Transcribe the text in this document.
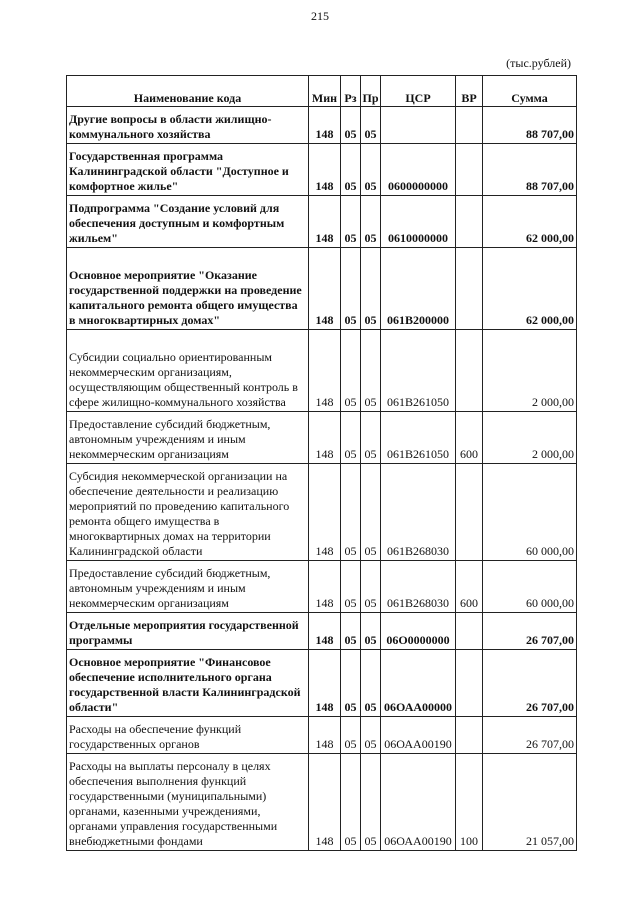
215
(тыс.рублей)
Наименование кода	Мин	Рз	Пр	ЦСР	ВР	Сумма
Другие вопросы в области жилищно-коммунального хозяйства	148	05	05			88 707,00
Государственная программа Калининградской области "Доступное и комфортное жилье"	148	05	05	0600000000		88 707,00
Подпрограмма "Создание условий для обеспечения доступным и комфортным жильем"	148	05	05	0610000000		62 000,00
Основное мероприятие "Оказание государственной поддержки на проведение капитального ремонта общего имущества в многоквартирных домах"	148	05	05	061В200000		62 000,00
Субсидии социально ориентированным некоммерческим организациям, осуществляющим общественный контроль в сфере жилищно-коммунального хозяйства	148	05	05	061В261050		2 000,00
Предоставление субсидий бюджетным, автономным учреждениям и иным некоммерческим организациям	148	05	05	061В261050	600	2 000,00
Субсидия некоммерческой организации на обеспечение деятельности и реализацию мероприятий по проведению капитального ремонта общего имущества в многоквартирных домах на территории Калининградской области	148	05	05	061В268030		60 000,00
Предоставление субсидий бюджетным, автономным учреждениям и иным некоммерческим организациям	148	05	05	061В268030	600	60 000,00
Отдельные мероприятия государственной программы	148	05	05	06О0000000		26 707,00
Основное мероприятие "Финансовое обеспечение исполнительного органа государственной власти Калининградской области"	148	05	05	06ОАА00000		26 707,00
Расходы на обеспечение функций государственных органов	148	05	05	06ОАА00190		26 707,00
Расходы на выплаты персоналу в целях обеспечения выполнения функций государственными (муниципальными) органами, казенными учреждениями, органами управления государственными внебюджетными фондами	148	05	05	06ОАА00190	100	21 057,00
